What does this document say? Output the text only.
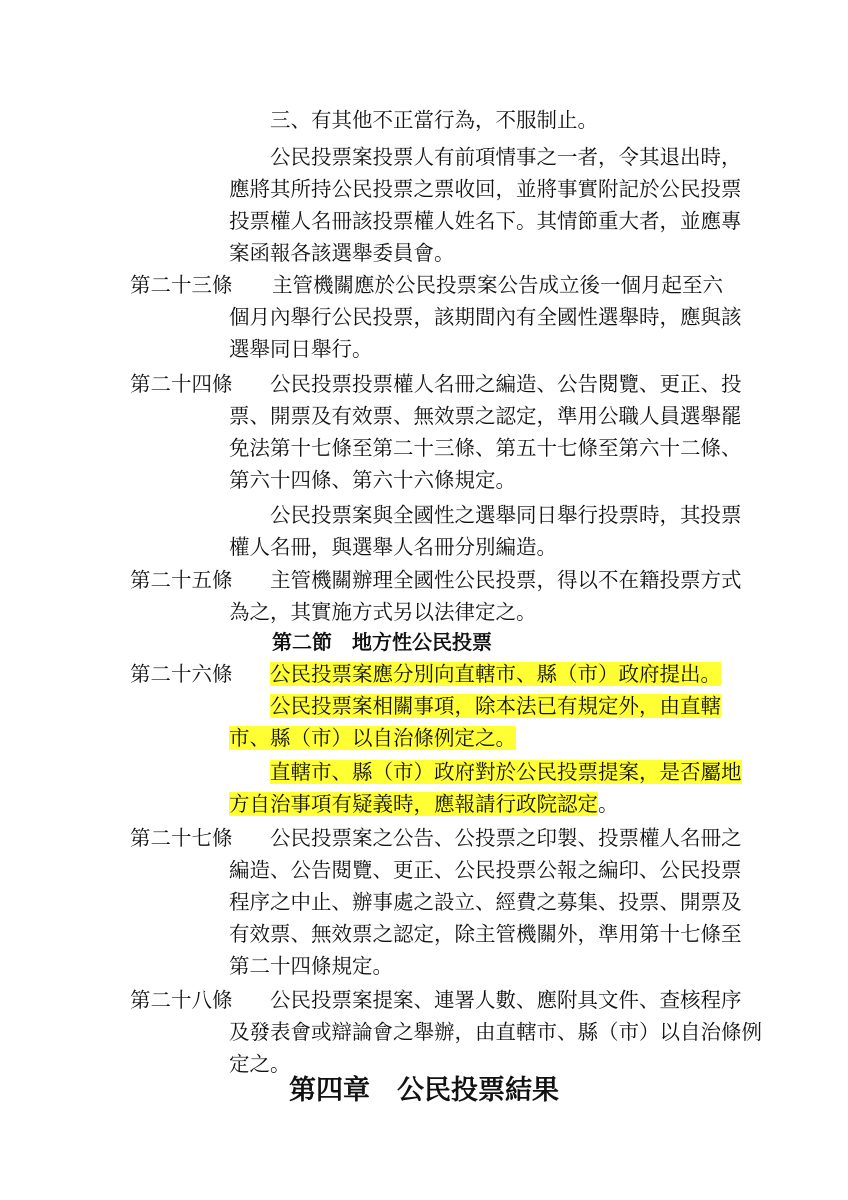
三、有其他不正當行為，不服制止。
公民投票案投票人有前項情事之一者，令其退出時，
應將其所持公民投票之票收回，並將事實附記於公民投票
投票權人名冊該投票權人姓名下。其情節重大者，並應專
案函報各該選舉委員會。
第二十三條 主管機關應於公民投票案公告成立後一個月起至六
個月內舉行公民投票，該期間內有全國性選舉時，應與該
選舉同日舉行。
第二十四條 公民投票投票權人名冊之編造、公告閱覽、更正、投
票、開票及有效票、無效票之認定，準用公職人員選舉罷
免法第十七條至第二十三條、第五十七條至第六十二條、
第六十四條、第六十六條規定。
公民投票案與全國性之選舉同日舉行投票時，其投票
權人名冊，與選舉人名冊分別編造。
第二十五條 主管機關辦理全國性公民投票，得以不在籍投票方式
為之，其實施方式另以法律定之。
第二節　地方性公民投票
第二十六條 公民投票案應分別向直轄市、縣（市）政府提出。
公民投票案相關事項，除本法已有規定外，由直轄
市、縣（市）以自治條例定之。
直轄市、縣（市）政府對於公民投票提案，是否屬地
方自治事項有疑義時，應報請行政院認定。
第二十七條 公民投票案之公告、公投票之印製、投票權人名冊之
編造、公告閱覽、更正、公民投票公報之編印、公民投票
程序之中止、辦事處之設立、經費之募集、投票、開票及
有效票、無效票之認定，除主管機關外，準用第十七條至
第二十四條規定。
第二十八條 公民投票案提案、連署人數、應附具文件、查核程序
及發表會或辯論會之舉辦，由直轄市、縣（市）以自治條例
定之。
第四章　公民投票結果
